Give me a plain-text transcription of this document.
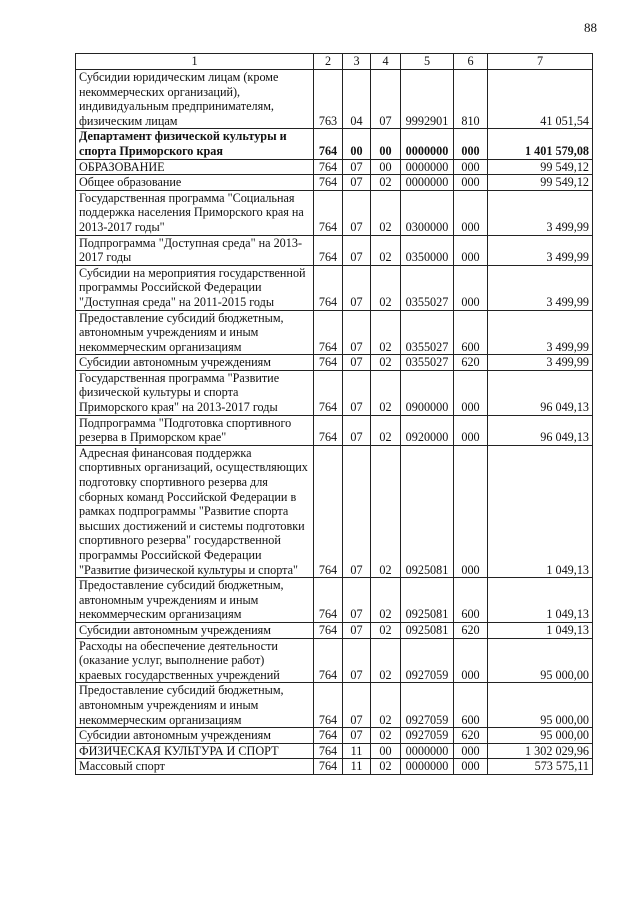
88
1	2	3	4	5	6	7
Субсидии юридическим лицам (кроме некоммерческих организаций), индивидуальным предпринимателям, физическим лицам	763	04	07	9992901	810	41 051,54
Департамент физической культуры и спорта Приморского края	764	00	00	0000000	000	1 401 579,08
ОБРАЗОВАНИЕ	764	07	00	0000000	000	99 549,12
Общее образование	764	07	02	0000000	000	99 549,12
Государственная программа "Социальная поддержка населения Приморского края на 2013-2017 годы"	764	07	02	0300000	000	3 499,99
Подпрограмма "Доступная среда" на 2013-2017 годы	764	07	02	0350000	000	3 499,99
Субсидии на мероприятия государственной программы Российской Федерации "Доступная среда" на 2011-2015 годы	764	07	02	0355027	000	3 499,99
Предоставление субсидий бюджетным, автономным учреждениям и иным некоммерческим организациям	764	07	02	0355027	600	3 499,99
Субсидии автономным учреждениям	764	07	02	0355027	620	3 499,99
Государственная программа "Развитие физической культуры и спорта Приморского края" на 2013-2017 годы	764	07	02	0900000	000	96 049,13
Подпрограмма "Подготовка спортивного резерва в Приморском крае"	764	07	02	0920000	000	96 049,13
Адресная финансовая поддержка спортивных организаций, осуществляющих подготовку спортивного резерва для сборных команд Российской Федерации в рамках подпрограммы "Развитие спорта высших достижений и системы подготовки спортивного резерва" государственной программы Российской Федерации "Развитие физической культуры и спорта"	764	07	02	0925081	000	1 049,13
Предоставление субсидий бюджетным, автономным учреждениям и иным некоммерческим организациям	764	07	02	0925081	600	1 049,13
Субсидии автономным учреждениям	764	07	02	0925081	620	1 049,13
Расходы на обеспечение деятельности (оказание услуг, выполнение работ) краевых государственных учреждений	764	07	02	0927059	000	95 000,00
Предоставление субсидий бюджетным, автономным учреждениям и иным некоммерческим организациям	764	07	02	0927059	600	95 000,00
Субсидии автономным учреждениям	764	07	02	0927059	620	95 000,00
ФИЗИЧЕСКАЯ КУЛЬТУРА И СПОРТ	764	11	00	0000000	000	1 302 029,96
Массовый спорт	764	11	02	0000000	000	573 575,11
